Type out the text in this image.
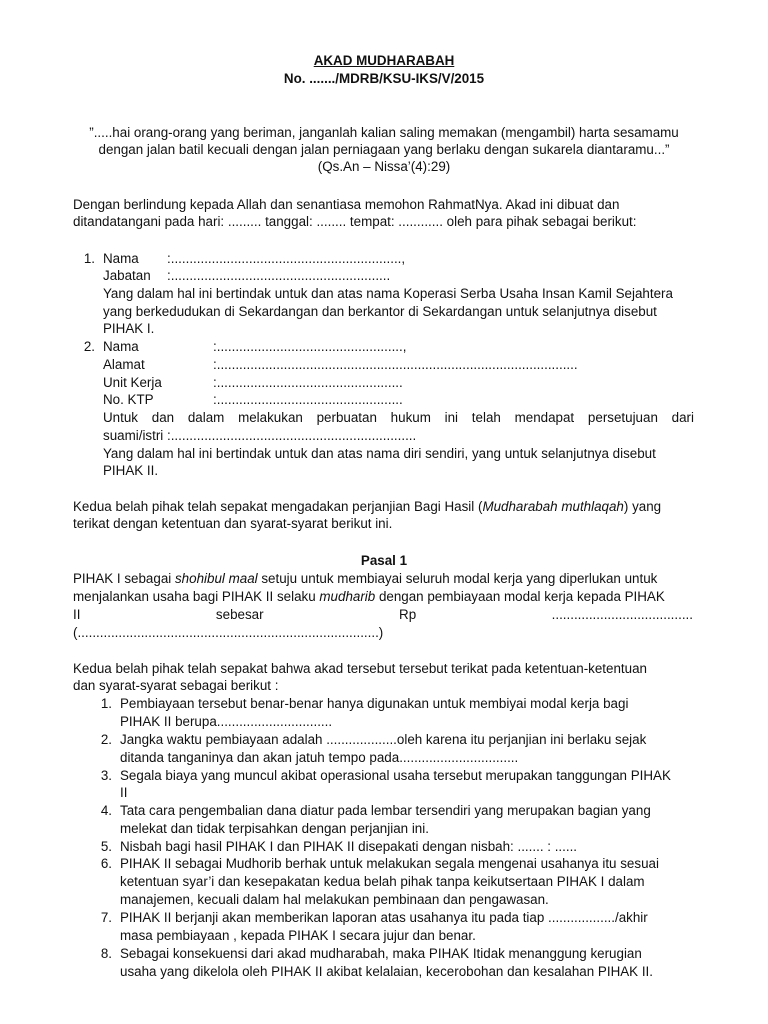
AKAD MUDHARABAH
No. ......./MDRB/KSU-IKS/V/2015
”.....hai orang-orang yang beriman, janganlah kalian saling memakan (mengambil) harta sesamamu
dengan jalan batil kecuali dengan jalan perniagaan yang berlaku dengan sukarela diantaramu...”
(Qs.An – Nissa’(4):29)
Dengan berlindung kepada Allah dan senantiasa memohon RahmatNya. Akad ini dibuat dan
ditandatangani pada hari: ......... tanggal: ........ tempat: ............ oleh para pihak sebagai berikut:
1. Nama :..............................................................,
Jabatan :...........................................................
Yang dalam hal ini bertindak untuk dan atas nama Koperasi Serba Usaha Insan Kamil Sejahtera
yang berkedudukan di Sekardangan dan berkantor di Sekardangan untuk selanjutnya disebut
PIHAK I.
2. Nama	:..................................................,
Alamat	:.................................................................................................
Unit Kerja	:..................................................
No. KTP	:..................................................
Untuk dan dalam melakukan perbuatan hukum ini telah mendapat persetujuan dari
suami/istri :..................................................................
Yang dalam hal ini bertindak untuk dan atas nama diri sendiri, yang untuk selanjutnya disebut
PIHAK II.
Kedua belah pihak telah sepakat mengadakan perjanjian Bagi Hasil (Mudharabah muthlaqah) yang
terikat dengan ketentuan dan syarat-syarat berikut ini.
Pasal 1
PIHAK I sebagai shohibul maal setuju untuk membiayai seluruh modal kerja yang diperlukan untuk
menjalankan usaha bagi PIHAK II selaku mudharib dengan pembiayaan modal kerja kepada PIHAK
II	sebesar	Rp	......................................
(.................................................................................)
Kedua belah pihak telah sepakat bahwa akad tersebut tersebut terikat pada ketentuan-ketentuan
dan syarat-syarat sebagai berikut :
1. Pembiayaan tersebut benar-benar hanya digunakan untuk membiyai modal kerja bagi
PIHAK II berupa...............................
2. Jangka waktu pembiayaan adalah ...................oleh karena itu perjanjian ini berlaku sejak
ditanda tanganinya dan akan jatuh tempo pada................................
3. Segala biaya yang muncul akibat operasional usaha tersebut merupakan tanggungan PIHAK
II
4. Tata cara pengembalian dana diatur pada lembar tersendiri yang merupakan bagian yang
melekat dan tidak terpisahkan dengan perjanjian ini.
5. Nisbah bagi hasil PIHAK I dan PIHAK II disepakati dengan nisbah: ....... : ......
6. PIHAK II sebagai Mudhorib berhak untuk melakukan segala mengenai usahanya itu sesuai
ketentuan syar’i dan kesepakatan kedua belah pihak tanpa keikutsertaan PIHAK I dalam
manajemen, kecuali dalam hal melakukan pembinaan dan pengawasan.
7. PIHAK II berjanji akan memberikan laporan atas usahanya itu pada tiap ................../akhir
masa pembiayaan , kepada PIHAK I secara jujur dan benar.
8. Sebagai konsekuensi dari akad mudharabah, maka PIHAK Itidak menanggung kerugian
usaha yang dikelola oleh PIHAK II akibat kelalaian, kecerobohan dan kesalahan PIHAK II.
